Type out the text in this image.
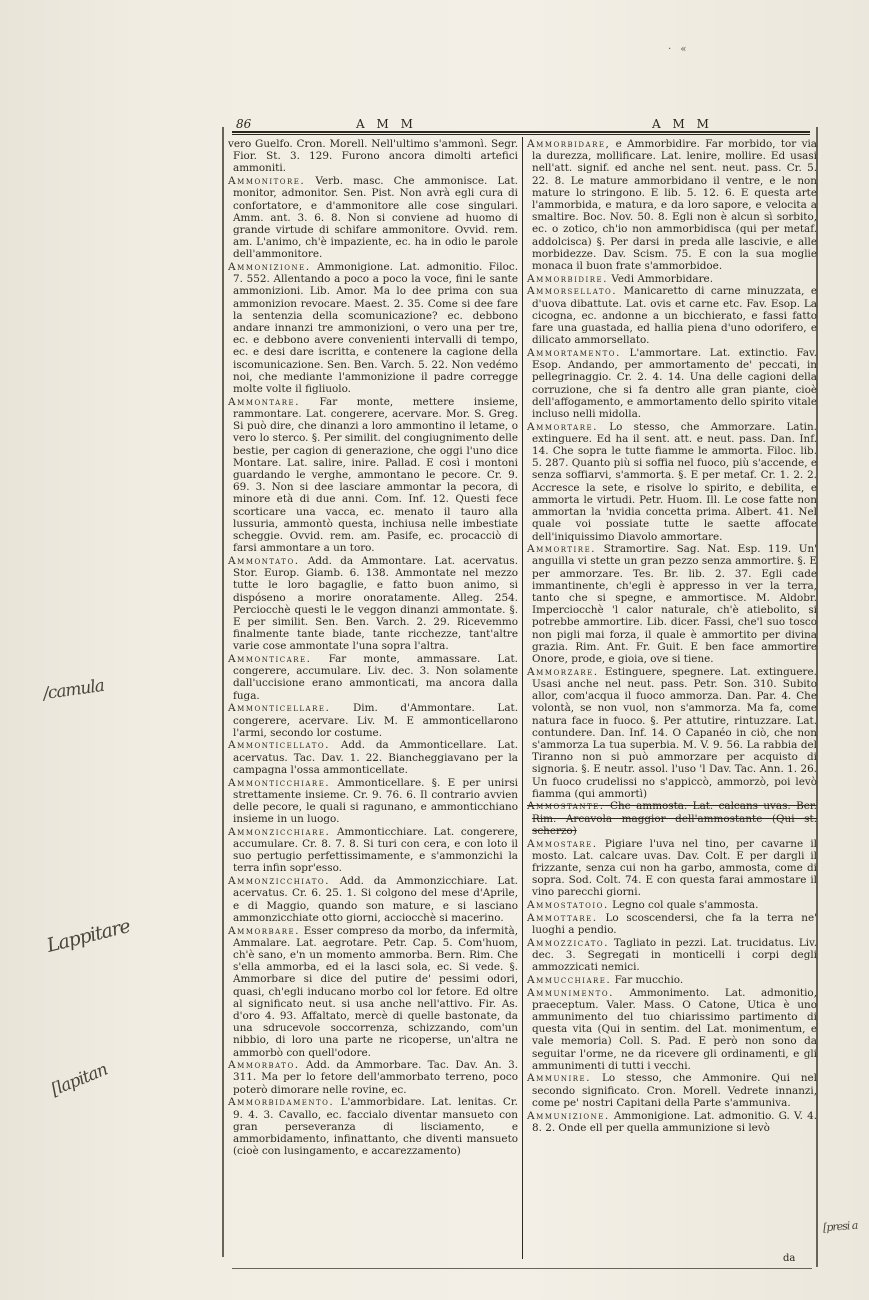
· «
86	A M M	A M M
vero Guelfo. Cron. Morell. Nell'ultimo s'ammonì. Segr. Fior. St. 3. 129. Furono ancora dimolti artefici ammoniti.
Ammonitore. Verb. masc. Che ammonisce. Lat. monitor, admonitor. Sen. Pist. Non avrà egli cura di confortatore, e d'ammonitore alle cose singulari. Amm. ant. 3. 6. 8. Non si conviene ad huomo di grande virtude di schifare ammonitore. Ovvid. rem. am. L'animo, ch'è impaziente, ec. ha in odio le parole dell'ammonitore.
Ammonizione. Ammonigione. Lat. admonitio. Filoc. 7. 552. Allentando a poco a poco la voce, fini le sante ammonizioni. Lib. Amor. Ma lo dee prima con sua ammonizion revocare. Maest. 2. 35. Come si dee fare la sentenzia della scomunicazione? ec. debbono andare innanzi tre ammonizioni, o vero una per tre, ec. e debbono avere convenienti intervalli di tempo, ec. e desi dare iscritta, e contenere la cagione della iscomunicazione. Sen. Ben. Varch. 5. 22. Non vedémo noi, che mediante l'ammonizione il padre corregge molte volte il figliuolo.
Ammontare. Far monte, mettere insieme, rammontare. Lat. congerere, acervare. Mor. S. Greg. Si può dire, che dinanzi a loro ammontino il letame, o vero lo sterco. §. Per similit. del congiugnimento delle bestie, per cagion di generazione, che oggi l'uno dice Montare. Lat. salire, inire. Pallad. E così i montoni guardando le verghe, ammontano le pecore. Cr. 9. 69. 3. Non si dee lasciare ammontar la pecora, di minore età di due anni. Com. Inf. 12. Questi fece scorticare una vacca, ec. menato il tauro alla lussuria, ammontò questa, inchiusa nelle imbestiate scheggie. Ovvid. rem. am. Pasife, ec. procacciò di farsi ammontare a un toro.
Ammontato. Add. da Ammontare. Lat. acervatus. Stor. Europ. Giamb. 6. 138. Ammontate nel mezzo tutte le loro bagaglie, e fatto buon animo, si dispóseno a morire onoratamente. Alleg. 254. Perciocchè questi le le veggon dinanzi ammontate. §. E per similit. Sen. Ben. Varch. 2. 29. Ricevemmo finalmente tante biade, tante ricchezze, tant'altre varie cose ammontate l'una sopra l'altra.
Ammonticare. Far monte, ammassare. Lat. congerere, accumulare. Liv. dec. 3. Non solamente dall'uccisione erano ammonticati, ma ancora dalla fuga.
Ammonticellare. Dim. d'Ammontare. Lat. congerere, acervare. Liv. M. E ammonticellarono l'armi, secondo lor costume.
Ammonticellato. Add. da Ammonticellare. Lat. acervatus. Tac. Dav. 1. 22. Biancheggiavano per la campagna l'ossa ammonticellate.
Ammonticchiare. Ammonticellare. §. E per unirsi strettamente insieme. Cr. 9. 76. 6. Il contrario avvien delle pecore, le quali si ragunano, e ammonticchiano insieme in un luogo.
Ammonzicchiare. Ammonticchiare. Lat. congerere, accumulare. Cr. 8. 7. 8. Si turi con cera, e con loto il suo pertugio perfettissimamente, e s'ammonzichi la terra infin sopr'esso.
Ammonzicchiato. Add. da Ammonzicchiare. Lat. acervatus. Cr. 6. 25. 1. Si colgono del mese d'Aprile, e di Maggio, quando son mature, e si lasciano ammonzicchiate otto giorni, acciocchè si macerino.
Ammorbare. Esser compreso da morbo, da infermità, Ammalare. Lat. aegrotare. Petr. Cap. 5. Com'huom, ch'è sano, e'n un momento ammorba. Bern. Rim. Che s'ella ammorba, ed ei la lasci sola, ec. Si vede. §. Ammorbare si dice del putire de' pessimi odori, quasi, ch'egli inducano morbo col lor fetore. Ed oltre al significato neut. si usa anche nell'attivo. Fir. As. d'oro 4. 93. Affaltato, mercè di quelle bastonate, da una sdrucevole soccorrenza, schizzando, com'un nibbio, di loro una parte ne ricoperse, un'altra ne ammorbò con quell'odore.
Ammorbato. Add. da Ammorbare. Tac. Dav. An. 3. 311. Ma per lo fetore dell'ammorbato terreno, poco poterò dimorare nelle rovine, ec.
Ammorbidamento. L'ammorbidare. Lat. lenitas. Cr. 9. 4. 3. Cavallo, ec. faccialo diventar mansueto con gran perseveranza di lisciamento, e ammorbidamento, infinattanto, che diventi mansueto (cioè con lusingamento, e accarezzamento)
Ammorbidare, e Ammorbidire. Far morbido, tor via la durezza, mollificare. Lat. lenire, mollire. Ed usasi nell'att. signif. ed anche nel sent. neut. pass. Cr. 5. 22. 8. Le mature ammorbidano il ventre, e le non mature lo stringono. E lib. 5. 12. 6. E questa arte l'ammorbida, e matura, e da loro sapore, e velocita a smaltire. Boc. Nov. 50. 8. Egli non è alcun sì sorbito, ec. o zotico, ch'io non ammorbidisca (qui per metaf. addolcisca) §. Per darsi in preda alle lascivie, e alle morbidezze. Dav. Scism. 75. E con la sua moglie monaca il buon frate s'ammorbidoe.
Ammorbidire. Vedi Ammorbidare.
Ammorsellato. Manicaretto di carne minuzzata, e d'uova dibattute. Lat. ovis et carne etc. Fav. Esop. La cicogna, ec. andonne a un bicchierato, e fassi fatto fare una guastada, ed hallia piena d'uno odorifero, e dilicato ammorsellato.
Ammortamento. L'ammortare. Lat. extinctio. Fav. Esop. Andando, per ammortamento de' peccati, in pellegrinaggio. Cr. 2. 4. 14. Una delle cagioni della corruzione, che si fa dentro alle gran piante, cioè dell'affogamento, e ammortamento dello spirito vitale incluso nelli midolla.
Ammortare. Lo stesso, che Ammorzare. Latin. extinguere. Ed ha il sent. att. e neut. pass. Dan. Inf. 14. Che sopra le tutte fiamme le ammorta. Filoc. lib. 5. 287. Quanto più si soffia nel fuoco, più s'accende, e senza soffiarvi, s'ammorta. §. E per metaf. Cr. 1. 2. 2. Accresce la sete, e risolve lo spirito, e debilita, e ammorta le virtudi. Petr. Huom. Ill. Le cose fatte non ammortan la 'nvidia concetta prima. Albert. 41. Nel quale voi possiate tutte le saette affocate dell'iniquissimo Diavolo ammortare.
Ammortire. Stramortire. Sag. Nat. Esp. 119. Un' anguilla vi stette un gran pezzo senza ammortire. §. E per ammorzare. Tes. Br. lib. 2. 37. Egli cade immantinente, ch'egli è appresso in ver la terra, tanto che si spegne, e ammortisce. M. Aldobr. Imperciocchè 'l calor naturale, ch'è atiebolito, si potrebbe ammortire. Lib. dicer. Fassi, che'l suo tosco non pigli mai forza, il quale è ammortito per divina grazia. Rim. Ant. Fr. Guit. E ben face ammortire Onore, prode, e gioia, ove si tiene.
Ammorzare. Estinguere, spegnere. Lat. extinguere. Usasi anche nel neut. pass. Petr. Son. 310. Subito allor, com'acqua il fuoco ammorza. Dan. Par. 4. Che volontà, se non vuol, non s'ammorza. Ma fa, come natura face in fuoco. §. Per attutire, rintuzzare. Lat. contundere. Dan. Inf. 14. O Capanéo in ciò, che non s'ammorza La tua superbia. M. V. 9. 56. La rabbia del Tiranno non si può ammorzare per acquisto di signoria. §. E neutr. assol. l'uso 'l Dav. Tac. Ann. 1. 26. Un fuoco crudelissi no s'appiccò, ammorzò, poi levò fiamma (qui ammortì)
Ammostante. Che ammosta. Lat. calcans uvas. Ber. Rim. Arcavola maggior dell'ammostante (Qui st. scherzo)
Ammostare. Pigiare l'uva nel tino, per cavarne il mosto. Lat. calcare uvas. Dav. Colt. E per dargli il frizzante, senza cui non ha garbo, ammosta, come di sopra. Sod. Colt. 74. E con questa farai ammostare il vino parecchi giorni.
Ammostatoio. Legno col quale s'ammosta.
Ammottare. Lo scoscendersi, che fa la terra ne' luoghi a pendio.
Ammozzicato. Tagliato in pezzi. Lat. trucidatus. Liv. dec. 3. Segregati in monticelli i corpi degli ammozzicati nemici.
Ammucchiare. Far mucchio.
Ammunimento. Ammonimento. Lat. admonitio, praeceptum. Valer. Mass. O Catone, Utica è uno ammunimento del tuo chiarissimo partimento di questa vita (Qui in sentim. del Lat. monimentum, e vale memoria) Coll. S. Pad. E però non sono da seguitar l'orme, ne da ricevere gli ordinamenti, e gli ammunimenti di tutti i vecchi.
Ammunire. Lo stesso, che Ammonire. Qui nel secondo significato. Cron. Morell. Vedrete innanzi, come pe' nostri Capitani della Parte s'ammuniva.
Ammunizione. Ammonigione. Lat. admonitio. G. V. 4. 8. 2. Onde ell per quella ammunizione si levò
da
/camula
Lappitare
[lapitan
[presi a
